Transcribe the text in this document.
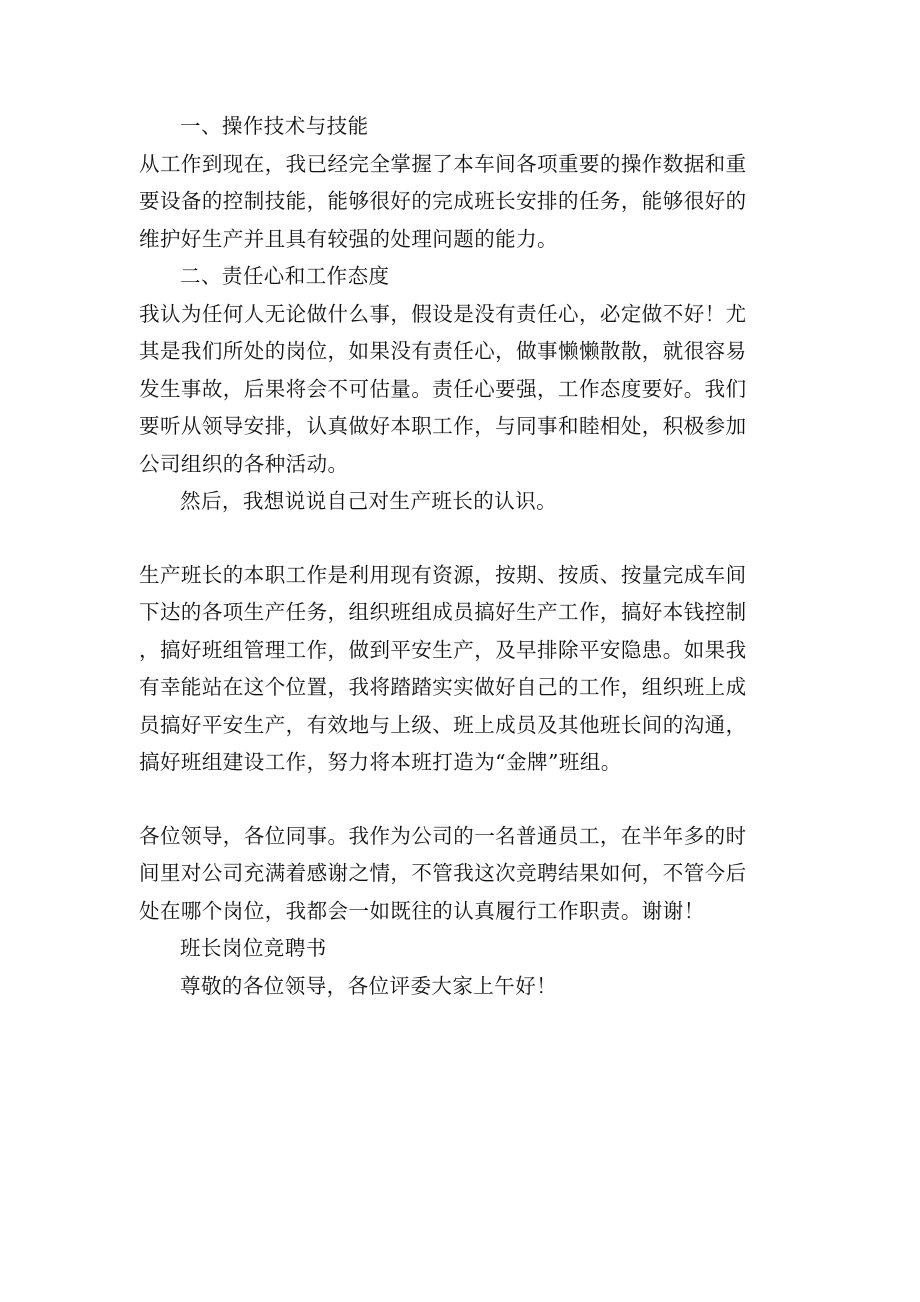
一、操作技术与技能

从工作到现在，我已经完全掌握了本车间各项重要的操作数据和重
要设备的控制技能，能够很好的完成班长安排的任务，能够很好的
维护好生产并且具有较强的处理问题的能力。

二、责任心和工作态度

我认为任何人无论做什么事，假设是没有责任心，必定做不好！尤
其是我们所处的岗位，如果没有责任心，做事懒懒散散，就很容易
发生事故，后果将会不可估量。责任心要强，工作态度要好。我们
要听从领导安排，认真做好本职工作，与同事和睦相处，积极参加
公司组织的各种活动。

然后，我想说说自己对生产班长的认识。

生产班长的本职工作是利用现有资源，按期、按质、按量完成车间
下达的各项生产任务，组织班组成员搞好生产工作，搞好本钱控制
，搞好班组管理工作，做到平安生产，及早排除平安隐患。如果我
有幸能站在这个位置，我将踏踏实实做好自己的工作，组织班上成
员搞好平安生产，有效地与上级、班上成员及其他班长间的沟通，
搞好班组建设工作，努力将本班打造为“金牌”班组。

各位领导，各位同事。我作为公司的一名普通员工，在半年多的时
间里对公司充满着感谢之情，不管我这次竞聘结果如何，不管今后
处在哪个岗位，我都会一如既往的认真履行工作职责。谢谢！

班长岗位竞聘书

尊敬的各位领导，各位评委大家上午好！
